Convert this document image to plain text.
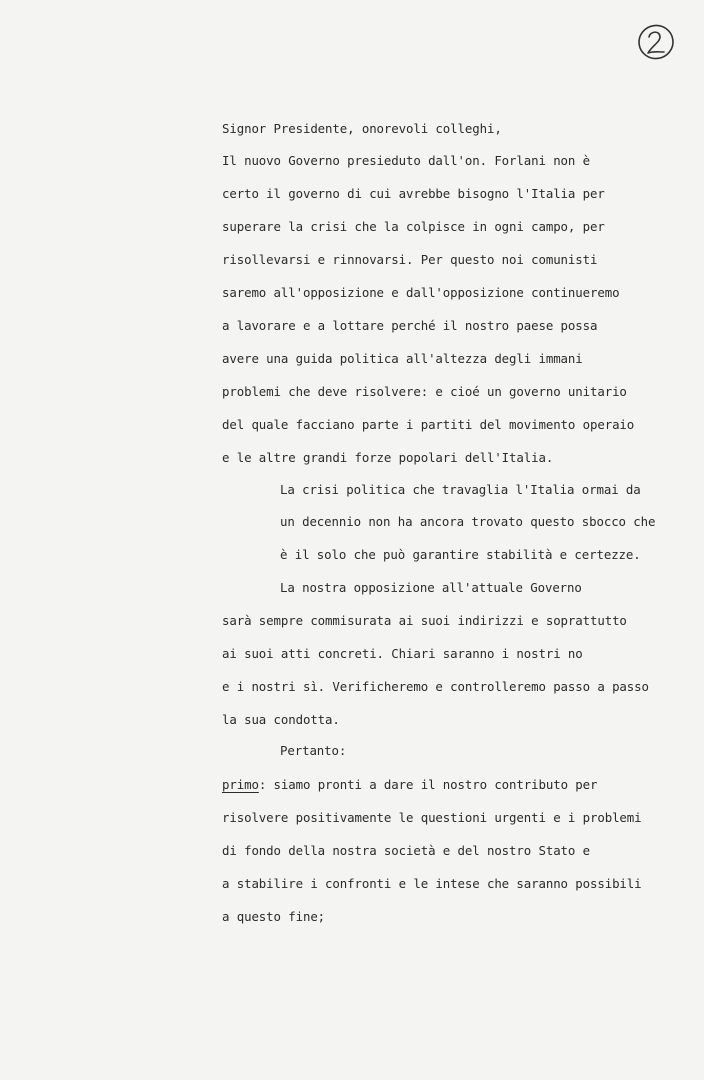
Signor Presidente, onorevoli colleghi,
Il nuovo Governo presieduto dall'on. Forlani non è
certo il governo di cui avrebbe bisogno l'Italia per
superare la crisi che la colpisce in ogni campo, per
risollevarsi e rinnovarsi. Per questo noi comunisti
saremo all'opposizione e dall'opposizione continueremo
a lavorare e a lottare perché il nostro paese possa
avere una guida politica all'altezza degli immani
problemi che deve risolvere: e cioé un governo unitario
del quale facciano parte i partiti del movimento operaio
e le altre grandi forze popolari dell'Italia.
La crisi politica che travaglia l'Italia ormai da
un decennio non ha ancora trovato questo sbocco che
è il solo che può garantire stabilità e certezze.
La nostra opposizione all'attuale Governo
sarà sempre commisurata ai suoi indirizzi e soprattutto
ai suoi atti concreti. Chiari saranno i nostri no
e i nostri sì. Verificheremo e controlleremo passo a passo
la sua condotta.
Pertanto:
primo: siamo pronti a dare il nostro contributo per
risolvere positivamente le questioni urgenti e i problemi
di fondo della nostra società e del nostro Stato e
a stabilire i confronti e le intese che saranno possibili
a questo fine;
